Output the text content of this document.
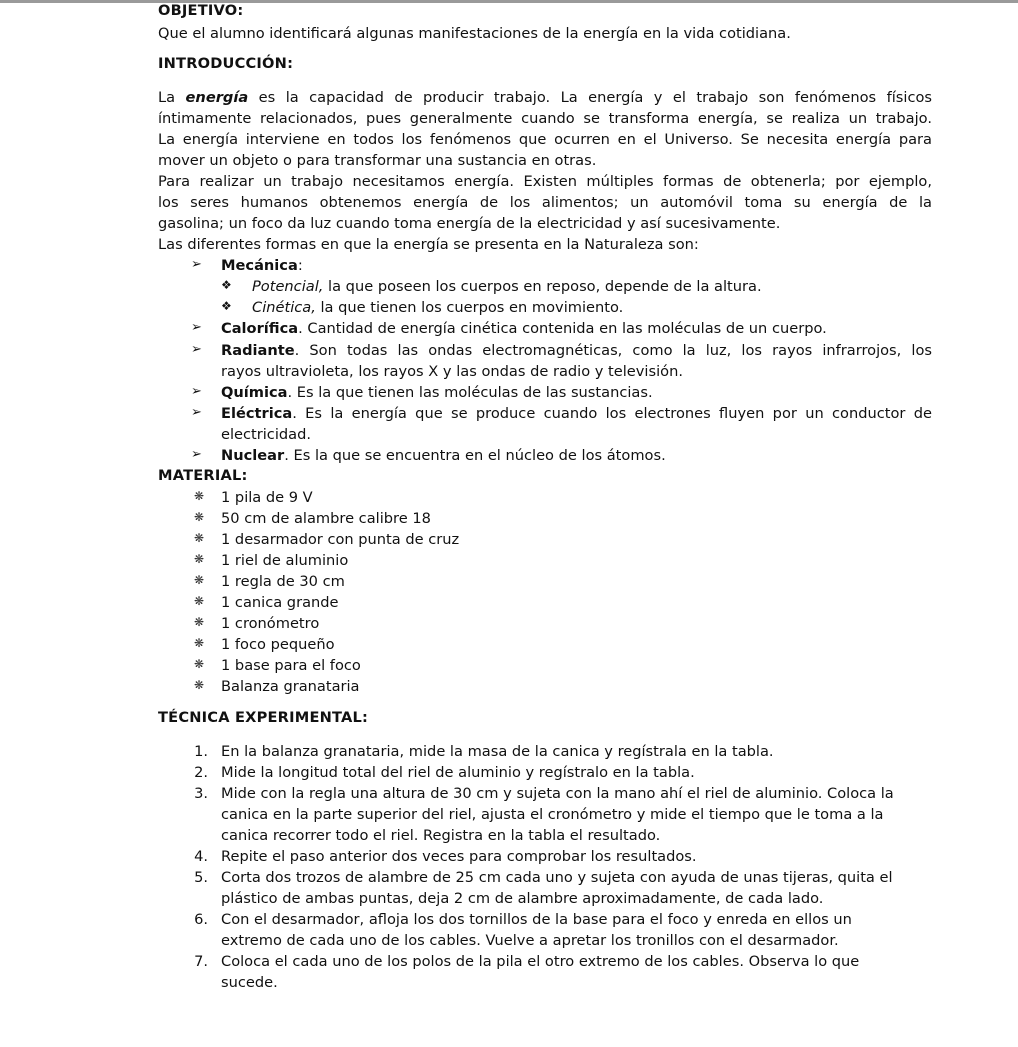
OBJETIVO:
Que el alumno identificará algunas manifestaciones de la energía en la vida cotidiana.
INTRODUCCIÓN:
La energía es la capacidad de producir trabajo. La energía y el trabajo son fenómenos físicos
íntimamente relacionados, pues generalmente cuando se transforma energía, se realiza un trabajo.
La energía interviene en todos los fenómenos que ocurren en el Universo. Se necesita energía para
mover un objeto o para transformar una sustancia en otras.
Para realizar un trabajo necesitamos energía. Existen múltiples formas de obtenerla; por ejemplo,
los seres humanos obtenemos energía de los alimentos; un automóvil toma su energía de la
gasolina; un foco da luz cuando toma energía de la electricidad y así sucesivamente.
Las diferentes formas en que la energía se presenta en la Naturaleza son:
➢ Mecánica:
❖ Potencial, la que poseen los cuerpos en reposo, depende de la altura.
❖ Cinética, la que tienen los cuerpos en movimiento.
➢ Calorífica. Cantidad de energía cinética contenida en las moléculas de un cuerpo.
➢ Radiante. Son todas las ondas electromagnéticas, como la luz, los rayos infrarrojos, los
rayos ultravioleta, los rayos X y las ondas de radio y televisión.
➢ Química. Es la que tienen las moléculas de las sustancias.
➢ Eléctrica. Es la energía que se produce cuando los electrones fluyen por un conductor de
electricidad.
➢ Nuclear. Es la que se encuentra en el núcleo de los átomos.
MATERIAL:
❋ 1 pila de 9 V
❋ 50 cm de alambre calibre 18
❋ 1 desarmador con punta de cruz
❋ 1 riel de aluminio
❋ 1 regla de 30 cm
❋ 1 canica grande
❋ 1 cronómetro
❋ 1 foco pequeño
❋ 1 base para el foco
❋ Balanza granataria
TÉCNICA EXPERIMENTAL:
1. En la balanza granataria, mide la masa de la canica y regístrala en la tabla.
2. Mide la longitud total del riel de aluminio y regístralo en la tabla.
3. Mide con la regla una altura de 30 cm y sujeta con la mano ahí el riel de aluminio. Coloca la
canica en la parte superior del riel, ajusta el cronómetro y mide el tiempo que le toma a la
canica recorrer todo el riel. Registra en la tabla el resultado.
4. Repite el paso anterior dos veces para comprobar los resultados.
5. Corta dos trozos de alambre de 25 cm cada uno y sujeta con ayuda de unas tijeras, quita el
plástico de ambas puntas, deja 2 cm de alambre aproximadamente, de cada lado.
6. Con el desarmador, afloja los dos tornillos de la base para el foco y enreda en ellos un
extremo de cada uno de los cables. Vuelve a apretar los tronillos con el desarmador.
7. Coloca el cada uno de los polos de la pila el otro extremo de los cables. Observa lo que
sucede.
